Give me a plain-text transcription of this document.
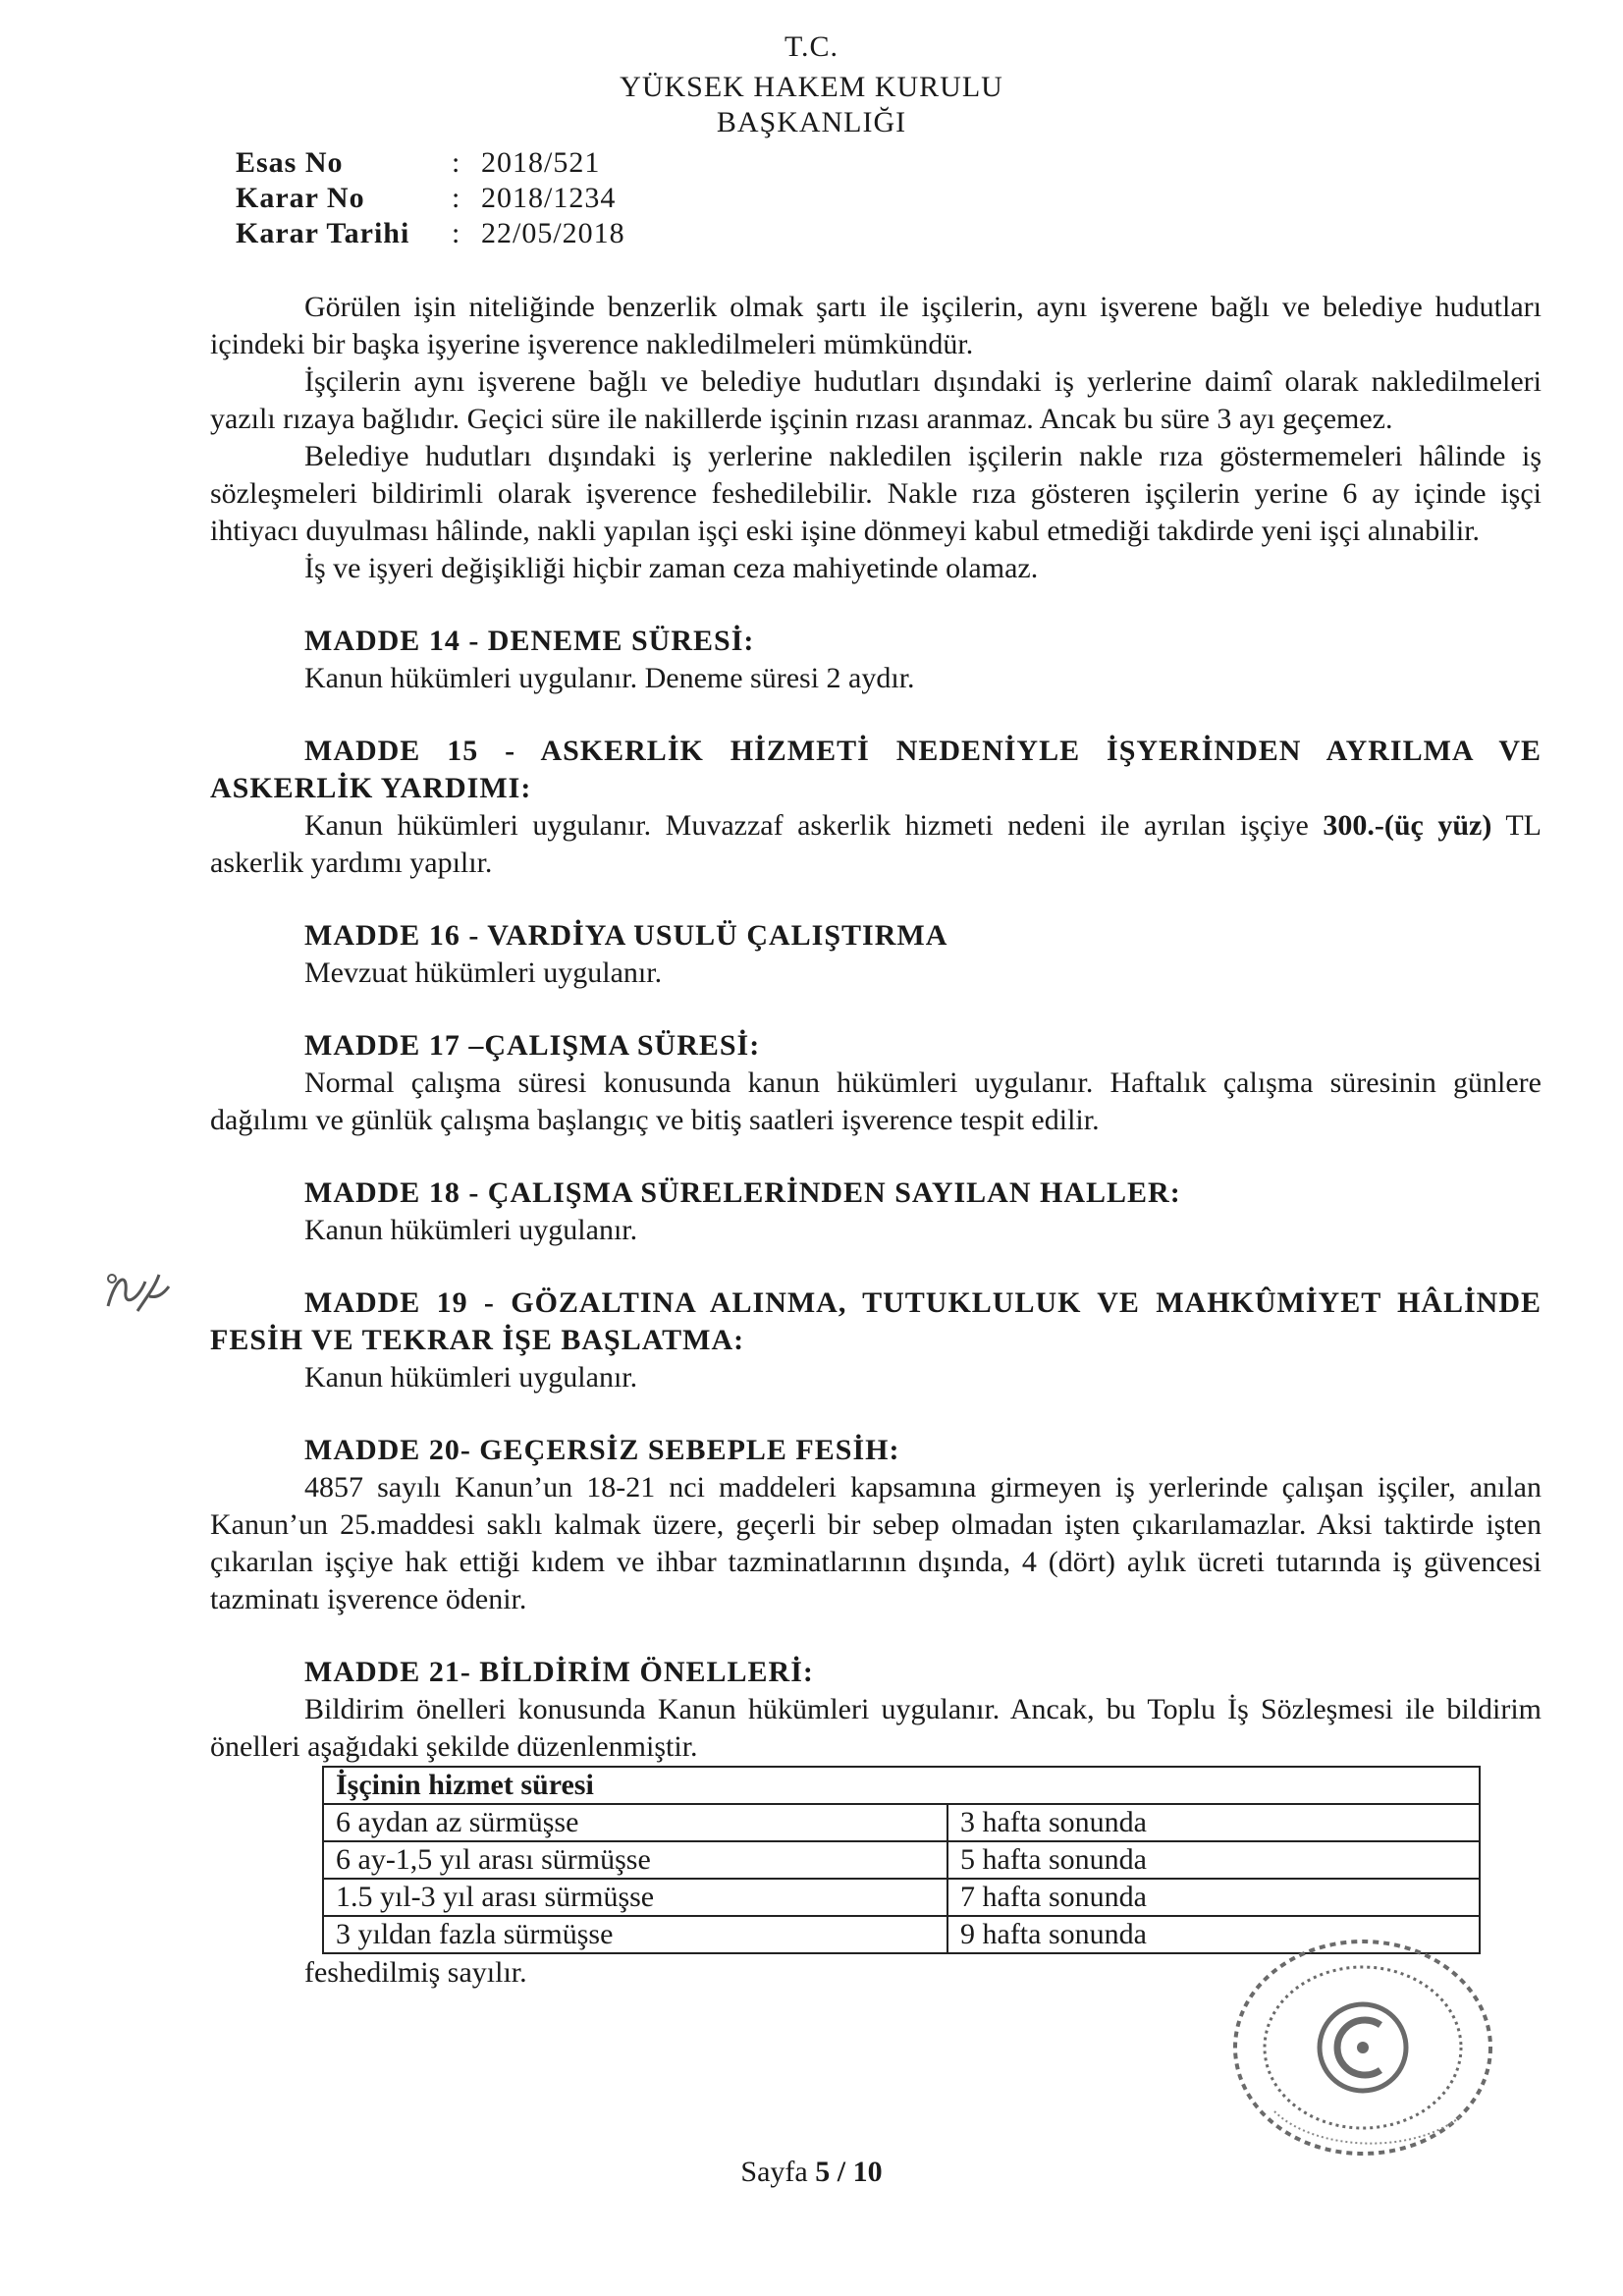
T.C.
YÜKSEK HAKEM KURULU
BAŞKANLIĞI
Esas No	: 2018/521
Karar No	: 2018/1234
Karar Tarihi	: 22/05/2018

Görülen işin niteliğinde benzerlik olmak şartı ile işçilerin, aynı işverene bağlı ve belediye hudutları içindeki bir başka işyerine işverence nakledilmeleri mümkündür.

İşçilerin aynı işverene bağlı ve belediye hudutları dışındaki iş yerlerine daimî olarak nakledilmeleri yazılı rızaya bağlıdır. Geçici süre ile nakillerde işçinin rızası aranmaz. Ancak bu süre 3 ayı geçemez.

Belediye hudutları dışındaki iş yerlerine nakledilen işçilerin nakle rıza göstermemeleri hâlinde iş sözleşmeleri bildirimli olarak işverence feshedilebilir. Nakle rıza gösteren işçilerin yerine 6 ay içinde işçi ihtiyacı duyulması hâlinde, nakli yapılan işçi eski işine dönmeyi kabul etmediği takdirde yeni işçi alınabilir.

İş ve işyeri değişikliği hiçbir zaman ceza mahiyetinde olamaz.

MADDE 14 - DENEME SÜRESİ:

Kanun hükümleri uygulanır. Deneme süresi 2 aydır.

MADDE 15 - ASKERLİK HİZMETİ NEDENİYLE İŞYERİNDEN AYRILMA VE ASKERLİK YARDIMI:

Kanun hükümleri uygulanır. Muvazzaf askerlik hizmeti nedeni ile ayrılan işçiye 300.-(üç yüz) TL askerlik yardımı yapılır.

MADDE 16 - VARDİYA USULÜ ÇALIŞTIRMA

Mevzuat hükümleri uygulanır.

MADDE 17 –ÇALIŞMA SÜRESİ:

Normal çalışma süresi konusunda kanun hükümleri uygulanır. Haftalık çalışma süresinin günlere dağılımı ve günlük çalışma başlangıç ve bitiş saatleri işverence tespit edilir.

MADDE 18 - ÇALIŞMA SÜRELERİNDEN SAYILAN HALLER:

Kanun hükümleri uygulanır.

MADDE 19 - GÖZALTINA ALINMA, TUTUKLULUK VE MAHKÛMİYET HÂLİNDE FESİH VE TEKRAR İŞE BAŞLATMA:

Kanun hükümleri uygulanır.

MADDE 20- GEÇERSİZ SEBEPLE FESİH:

4857 sayılı Kanun’un 18-21 nci maddeleri kapsamına girmeyen iş yerlerinde çalışan işçiler, anılan Kanun’un 25.maddesi saklı kalmak üzere, geçerli bir sebep olmadan işten çıkarılamazlar. Aksi taktirde işten çıkarılan işçiye hak ettiği kıdem ve ihbar tazminatlarının dışında, 4 (dört) aylık ücreti tutarında iş güvencesi tazminatı işverence ödenir.

MADDE 21- BİLDİRİM ÖNELLERİ:

Bildirim önelleri konusunda Kanun hükümleri uygulanır. Ancak, bu Toplu İş Sözleşmesi ile bildirim önelleri aşağıdaki şekilde düzenlenmiştir.

İşçinin hizmet süresi	
6 aydan az sürmüşse	3 hafta sonunda
6 ay-1,5 yıl arası sürmüşse	5 hafta sonunda
1.5 yıl-3 yıl arası sürmüşse	7 hafta sonunda
3 yıldan fazla sürmüşse	9 hafta sonunda

feshedilmiş sayılır.

Sayfa 5 / 10
